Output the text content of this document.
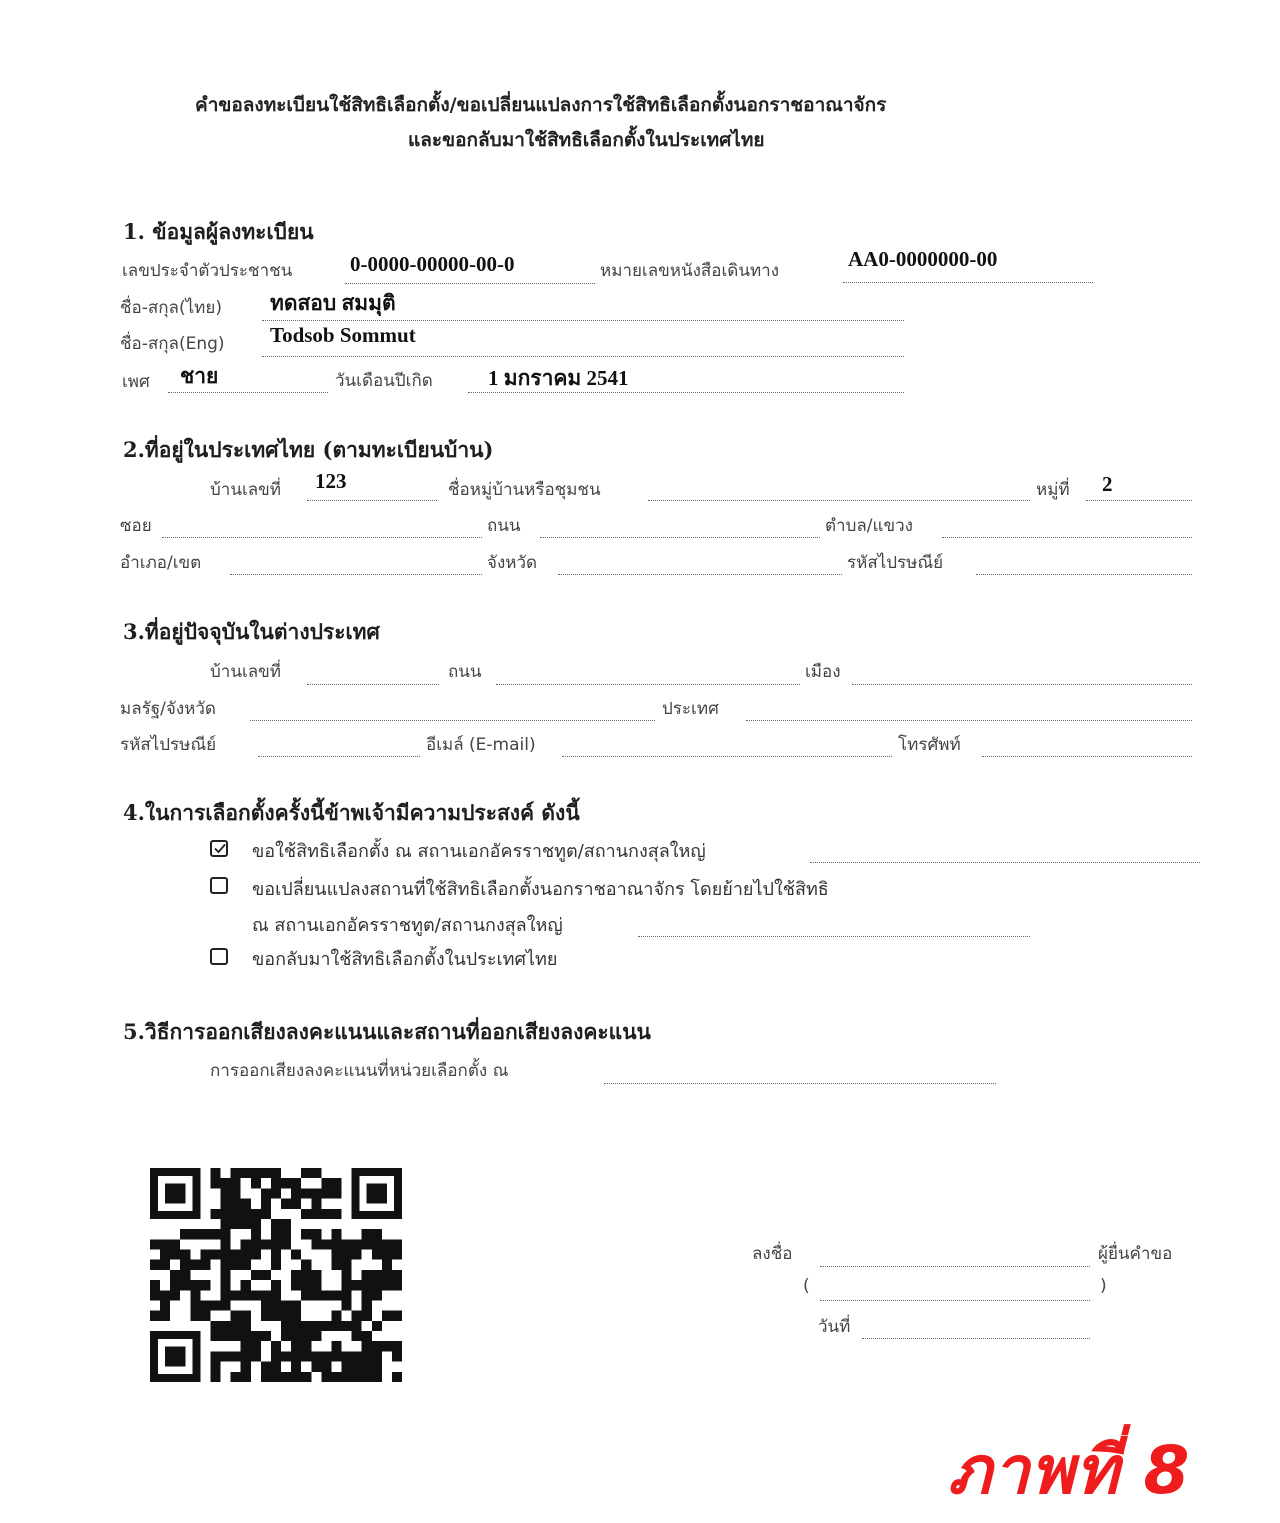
คำขอลงทะเบียนใช้สิทธิเลือกตั้ง/ขอเปลี่ยนแปลงการใช้สิทธิเลือกตั้งนอกราชอาณาจักร
และขอกลับมาใช้สิทธิเลือกตั้งในประเทศไทย
1. ข้อมูลผู้ลงทะเบียน
เลขประจำตัวประชาชน	0-0000-00000-00-0	หมายเลขหนังสือเดินทาง	AA0-0000000-00
ชื่อ-สกุล(ไทย) ทดสอบ สมมุติ
ชื่อ-สกุล(Eng) Todsob Sommut
เพศ ชาย	วันเดือนปีเกิด	1 มกราคม 2541
2.ที่อยู่ในประเทศไทย (ตามทะเบียนบ้าน)
บ้านเลขที่ 123	ชื่อหมู่บ้านหรือชุมชน	หมู่ที่ 2
ซอย	ถนน	ตำบล/แขวง
อำเภอ/เขต	จังหวัด	รหัสไปรษณีย์
3.ที่อยู่ปัจจุบันในต่างประเทศ
บ้านเลขที่	ถนน	เมือง
มลรัฐ/จังหวัด	ประเทศ
รหัสไปรษณีย์	อีเมล์ (E-mail)	โทรศัพท์
4.ในการเลือกตั้งครั้งนี้ข้าพเจ้ามีความประสงค์ ดังนี้
ขอใช้สิทธิเลือกตั้ง ณ สถานเอกอัครราชทูต/สถานกงสุลใหญ่
ขอเปลี่ยนแปลงสถานที่ใช้สิทธิเลือกตั้งนอกราชอาณาจักร โดยย้ายไปใช้สิทธิ
ณ สถานเอกอัครราชทูต/สถานกงสุลใหญ่
ขอกลับมาใช้สิทธิเลือกตั้งในประเทศไทย
5.วิธีการออกเสียงลงคะแนนและสถานที่ออกเสียงลงคะแนน
การออกเสียงลงคะแนนที่หน่วยเลือกตั้ง ณ
ลงชื่อ	ผู้ยื่นคำขอ
(	)
วันที่
ภาพที่ 8
